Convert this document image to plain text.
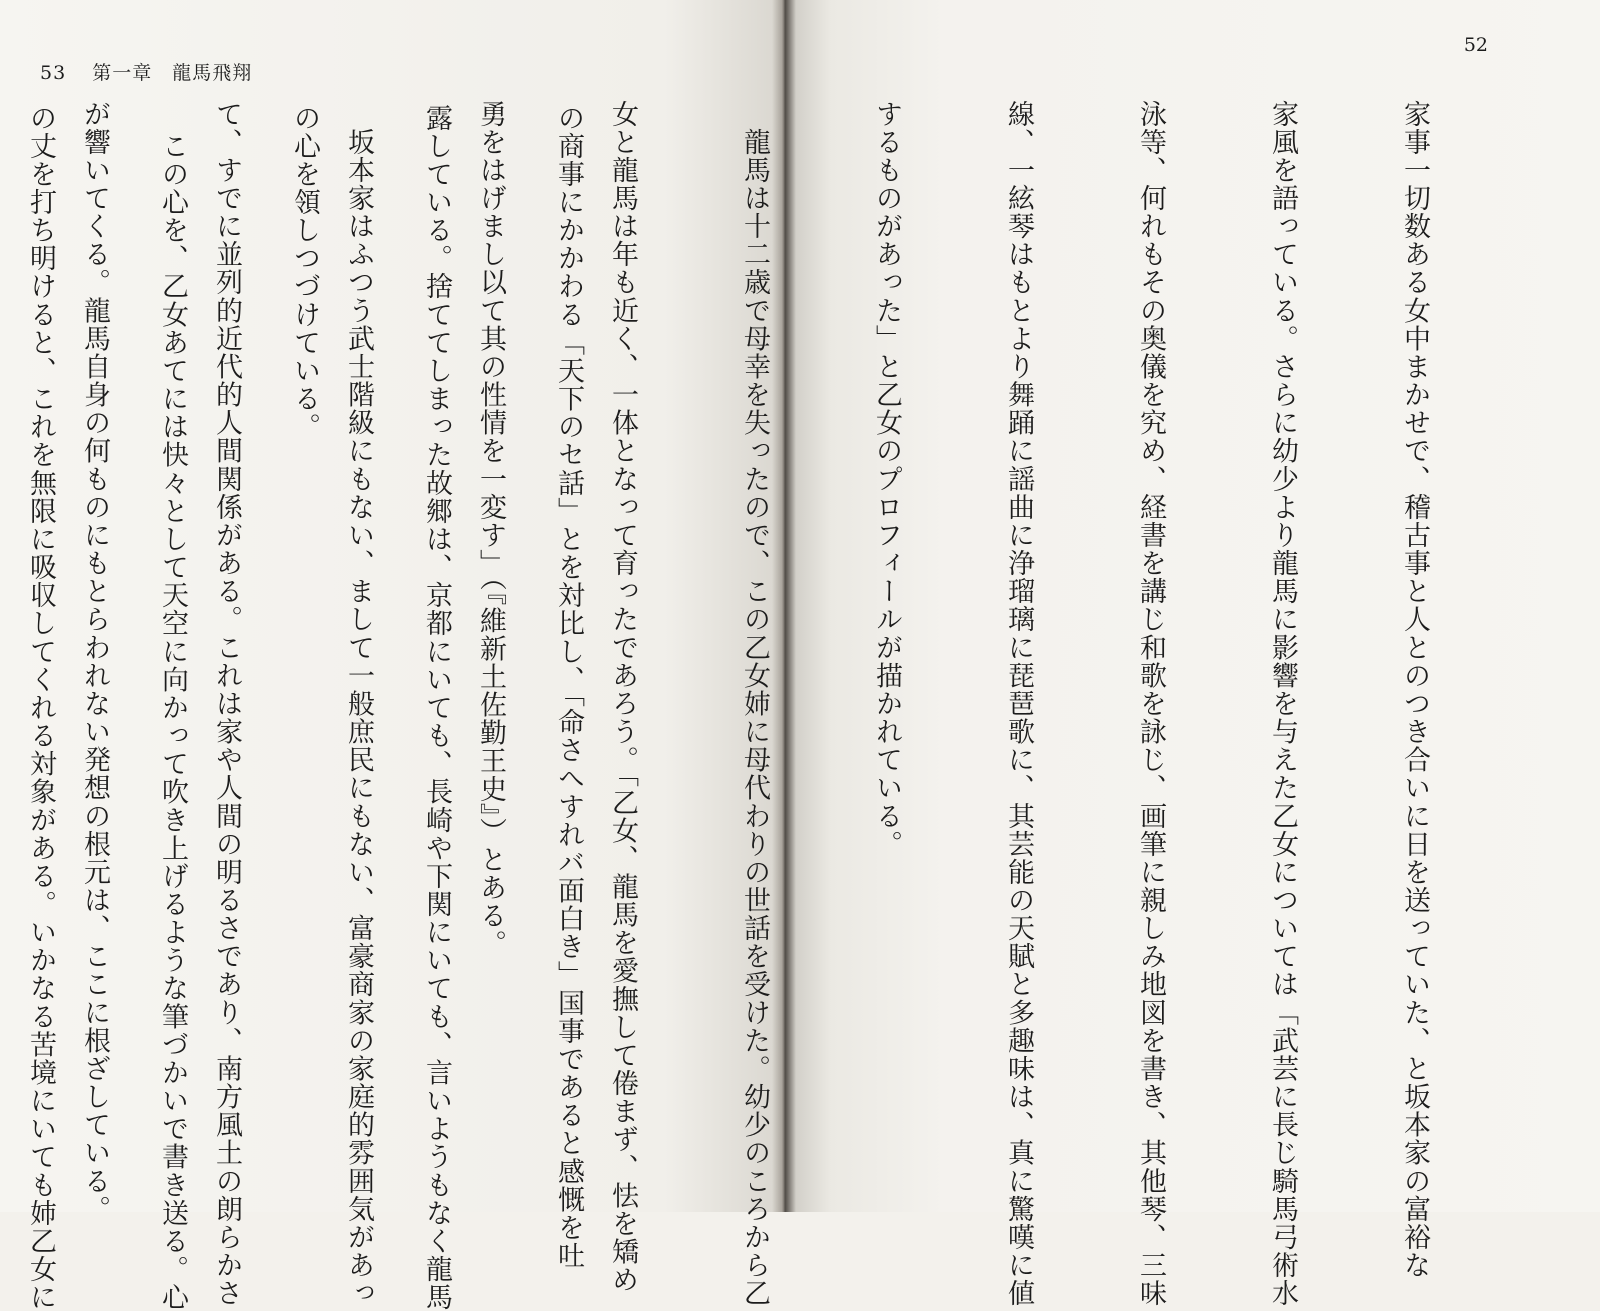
53 第一章　龍馬飛翔

の商事にかかわる「天下のセ話」とを対比し、「命さへすれバ面白き」国事であると感慨を吐

露している。捨ててしまった故郷は、京都にいても、長崎や下関にいても、言いようもなく龍馬

の心を領しつづけている。

　この心を、乙女あてには快々として天空に向かって吹き上げるような筆づかいで書き送る。心

の丈を打ち明けると、これを無限に吸収してくれる対象がある。いかなる苦境にいても姉乙女に

52

家事一切数ある女中まかせで、稽古事と人とのつき合いに日を送っていた、と坂本家の富裕な

家風を語っている。さらに幼少より龍馬に影響を与えた乙女については「武芸に長じ騎馬弓術水

泳等、何れもその奥儀を究め、経書を講じ和歌を詠じ、画筆に親しみ地図を書き、其他琴、三味

線、一絃琴はもとより舞踊に謡曲に浄瑠璃に琵琶歌に、其芸能の天賦と多趣味は、真に驚嘆に値

するものがあった」と乙女のプロフィールが描かれている。

　龍馬は十二歳で母幸を失ったので、この乙女姉に母代わりの世話を受けた。幼少のころから乙

女と龍馬は年も近く、一体となって育ったであろう。「乙女、龍馬を愛撫して倦まず、怯を矯め

勇をはげまし以て其の性情を一変す」（『維新土佐勤王史』）とある。

　坂本家はふつう武士階級にもない、まして一般庶民にもない、富豪商家の家庭的雰囲気があっ

て、すでに並列的近代的人間関係がある。これは家や人間の明るさであり、南方風土の朗らかさ

が響いてくる。龍馬自身の何ものにもとらわれない発想の根元は、ここに根ざしている。
